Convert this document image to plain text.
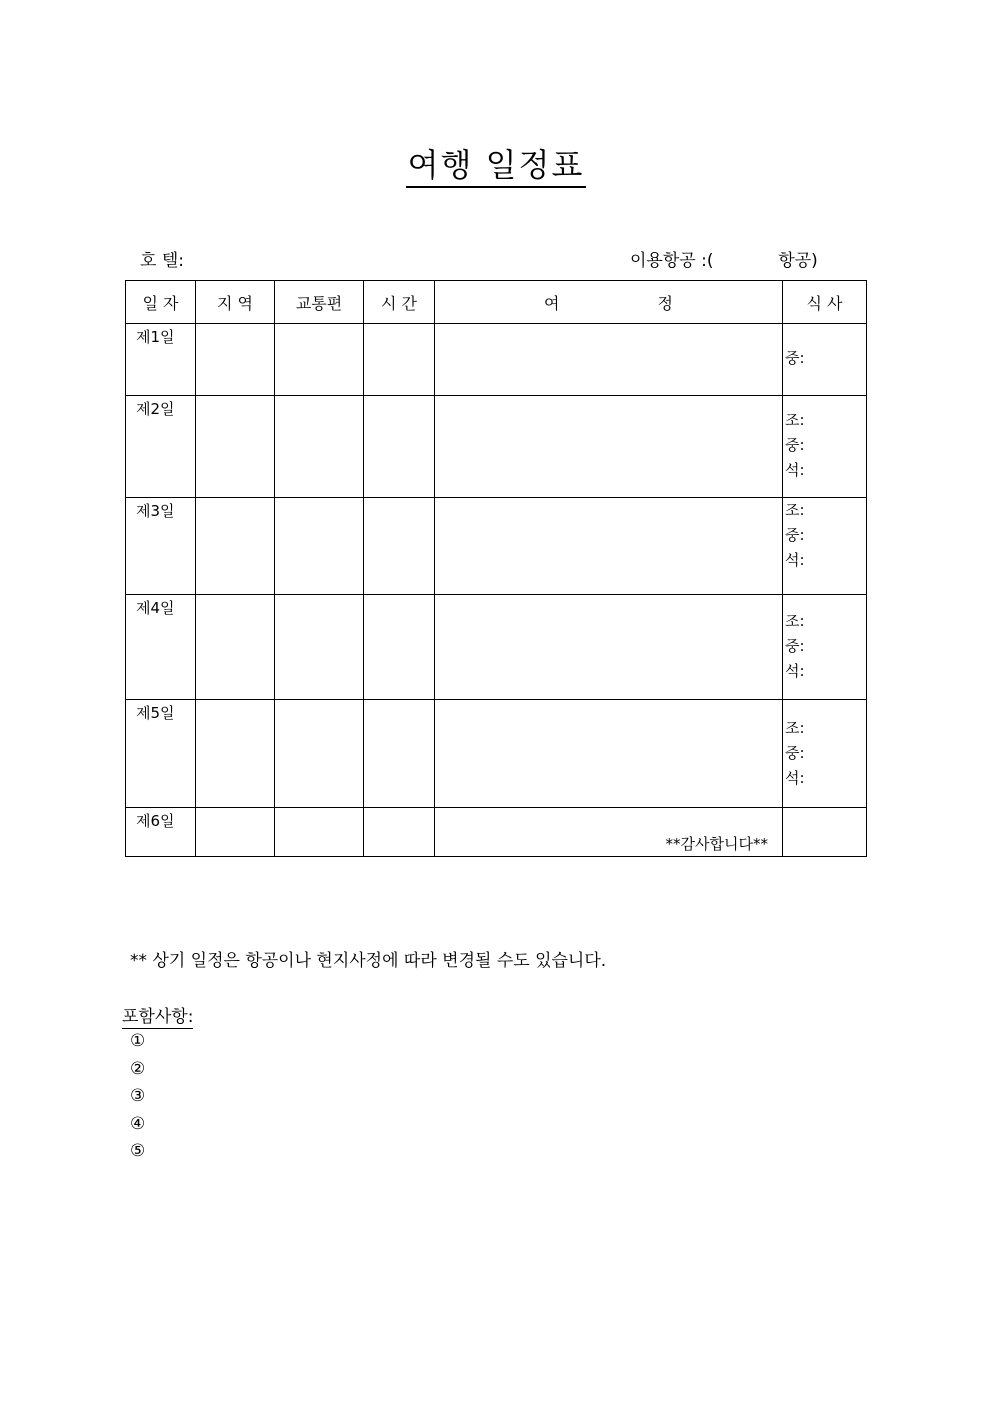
여행 일정표
호 텔:	이용항공 :(            항공)
일 자	지 역	교통편	시 간	여 정	식 사

제1일					중:

제2일					조:
중:
석:

제3일					조:
중:
석:

제4일					조:
중:
석:

제5일					조:
중:
석:

제6일				**감사합니다**	

** 상기 일정은 항공이나 현지사정에 따라 변경될 수도 있습니다.
포함사항:
①
②
③
④
⑤
